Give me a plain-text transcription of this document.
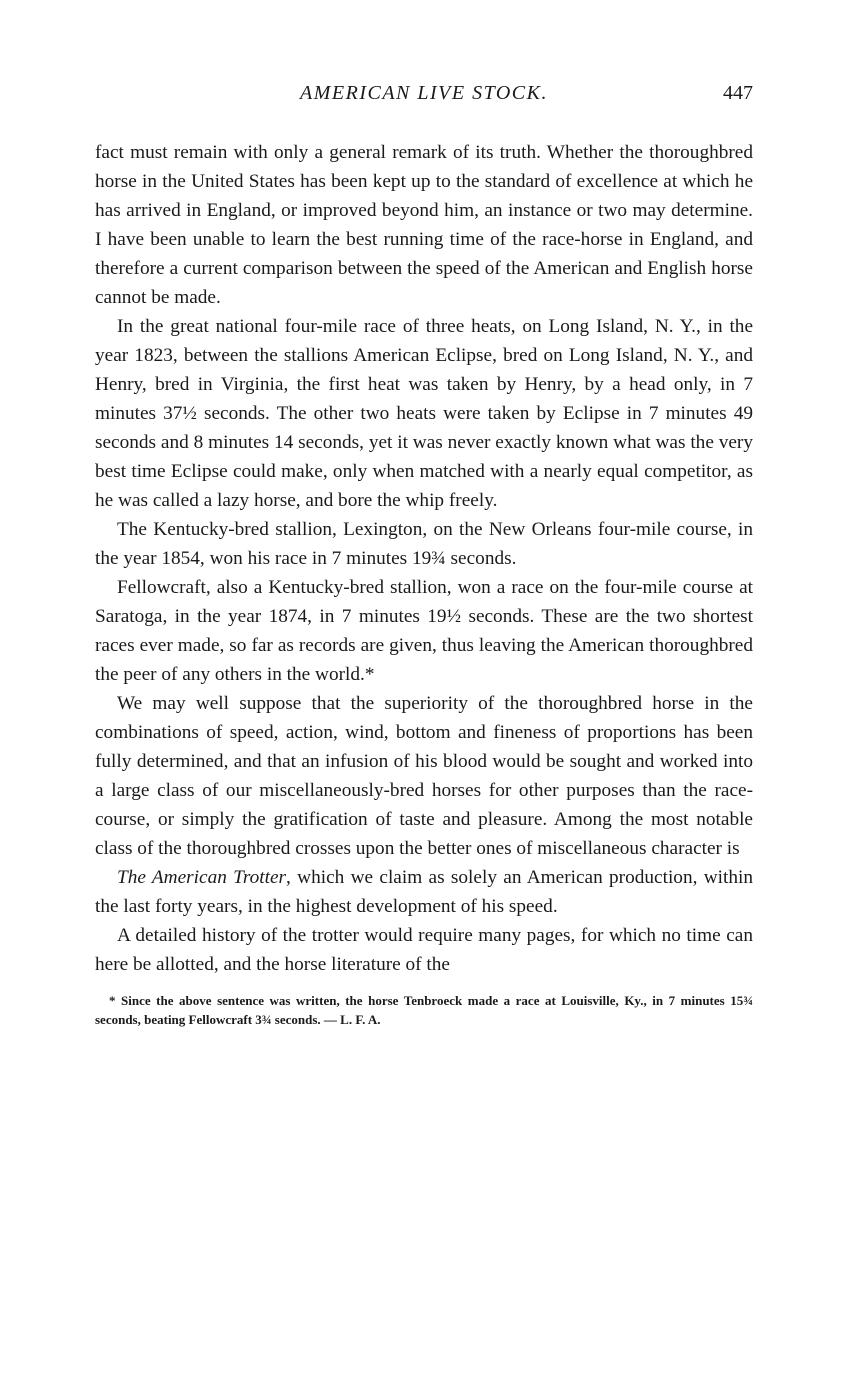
AMERICAN LIVE STOCK.	447

fact must remain with only a general remark of its truth. Whether the thoroughbred horse in the United States has been kept up to the standard of excellence at which he has arrived in England, or improved beyond him, an instance or two may determine. I have been unable to learn the best running time of the race-horse in England, and therefore a current comparison between the speed of the American and English horse cannot be made.

In the great national four-mile race of three heats, on Long Island, N. Y., in the year 1823, between the stallions American Eclipse, bred on Long Island, N. Y., and Henry, bred in Virginia, the first heat was taken by Henry, by a head only, in 7 minutes 37½ seconds. The other two heats were taken by Eclipse in 7 minutes 49 seconds and 8 minutes 14 seconds, yet it was never exactly known what was the very best time Eclipse could make, only when matched with a nearly equal competitor, as he was called a lazy horse, and bore the whip freely.

The Kentucky-bred stallion, Lexington, on the New Orleans four-mile course, in the year 1854, won his race in 7 minutes 19¾ seconds.

Fellowcraft, also a Kentucky-bred stallion, won a race on the four-mile course at Saratoga, in the year 1874, in 7 minutes 19½ seconds. These are the two shortest races ever made, so far as records are given, thus leaving the American thoroughbred the peer of any others in the world.*

We may well suppose that the superiority of the thoroughbred horse in the combinations of speed, action, wind, bottom and fineness of proportions has been fully determined, and that an infusion of his blood would be sought and worked into a large class of our miscellaneously-bred horses for other purposes than the race-course, or simply the gratification of taste and pleasure. Among the most notable class of the thoroughbred crosses upon the better ones of miscellaneous character is

The American Trotter, which we claim as solely an American production, within the last forty years, in the highest development of his speed.

A detailed history of the trotter would require many pages, for which no time can here be allotted, and the horse literature of the

* Since the above sentence was written, the horse Tenbroeck made a race at Louisville, Ky., in 7 minutes 15¾ seconds, beating Fellowcraft 3¾ seconds. — L. F. A.
